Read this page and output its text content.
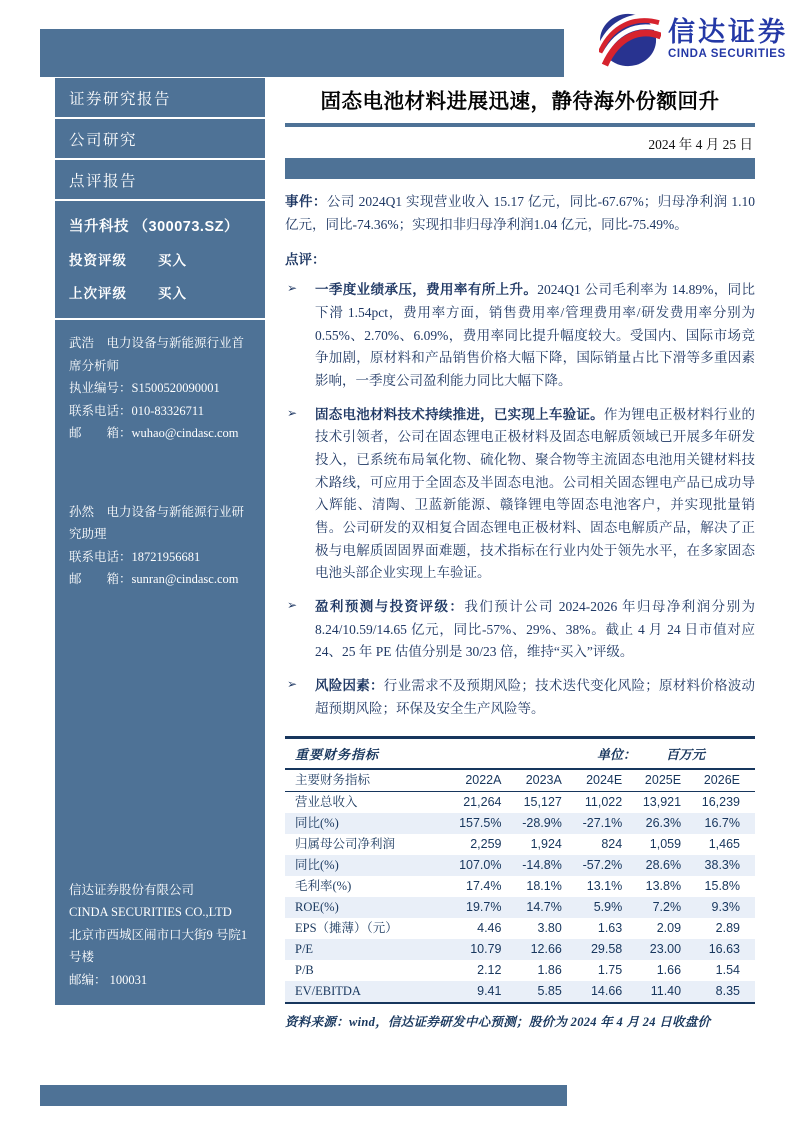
信达证券
CINDA SECURITIES
证券研究报告
公司研究
点评报告
当升科技 （300073.SZ）
投资评级	买入
上次评级	买入
武浩　电力设备与新能源行业首席分析师
执业编号：S1500520090001
联系电话：010-83326711
邮　　箱：wuhao@cindasc.com
孙然　电力设备与新能源行业研究助理
联系电话：18721956681
邮　　箱：sunran@cindasc.com
信达证券股份有限公司
CINDA SECURITIES CO.,LTD
北京市西城区闹市口大街9 号院1 号楼
邮编： 100031
固态电池材料进展迅速，静待海外份额回升
2024 年 4 月 25 日

事件：公司 2024Q1 实现营业收入 15.17 亿元，同比-67.67%；归母净利润 1.10 亿元，同比-74.36%；实现扣非归母净利润1.04 亿元，同比-75.49%。

点评：
➢	一季度业绩承压，费用率有所上升。2024Q1 公司毛利率为 14.89%，同比下滑 1.54pct，费用率方面，销售费用率/管理费用率/研发费用率分别为 0.55%、2.70%、6.09%，费用率同比提升幅度较大。受国内、国际市场竞争加剧，原材料和产品销售价格大幅下降，国际销量占比下滑等多重因素影响，一季度公司盈利能力同比大幅下降。
➢	固态电池材料技术持续推进，已实现上车验证。作为锂电正极材料行业的技术引领者，公司在固态锂电正极材料及固态电解质领域已开展多年研发投入，已系统布局氧化物、硫化物、聚合物等主流固态电池用关键材料技术路线，可应用于全固态及半固态电池。公司相关固态锂电产品已成功导入辉能、清陶、卫蓝新能源、赣锋锂电等固态电池客户，并实现批量销售。公司研发的双相复合固态锂电正极材料、固态电解质产品，解决了正极与电解质固固界面难题，技术指标在行业内处于领先水平，在多家固态电池头部企业实现上车验证。
➢	盈利预测与投资评级：我们预计公司 2024-2026 年归母净利润分别为 8.24/10.59/14.65 亿元，同比-57%、29%、38%。截止 4 月 24 日市值对应 24、25 年 PE 估值分别是 30/23 倍，维持“买入”评级。
➢	风险因素：行业需求不及预期风险；技术迭代变化风险；原材料价格波动超预期风险；环保及安全生产风险等。
重要财务指标	单位： 百万元
主要财务指标	2022A	2023A	2024E	2025E	2026E
营业总收入	21,264	15,127	11,022	13,921	16,239
同比(%)	157.5%	-28.9%	-27.1%	26.3%	16.7%
归属母公司净利润	2,259	1,924	824	1,059	1,465
同比(%)	107.0%	-14.8%	-57.2%	28.6%	38.3%
毛利率(%)	17.4%	18.1%	13.1%	13.8%	15.8%
ROE(%)	19.7%	14.7%	5.9%	7.2%	9.3%
EPS（摊薄）（元）	4.46	3.80	1.63	2.09	2.89
P/E	10.79	12.66	29.58	23.00	16.63
P/B	2.12	1.86	1.75	1.66	1.54
EV/EBITDA	9.41	5.85	14.66	11.40	8.35
资料来源：wind，信达证券研发中心预测；股价为 2024 年 4 月 24 日收盘价
